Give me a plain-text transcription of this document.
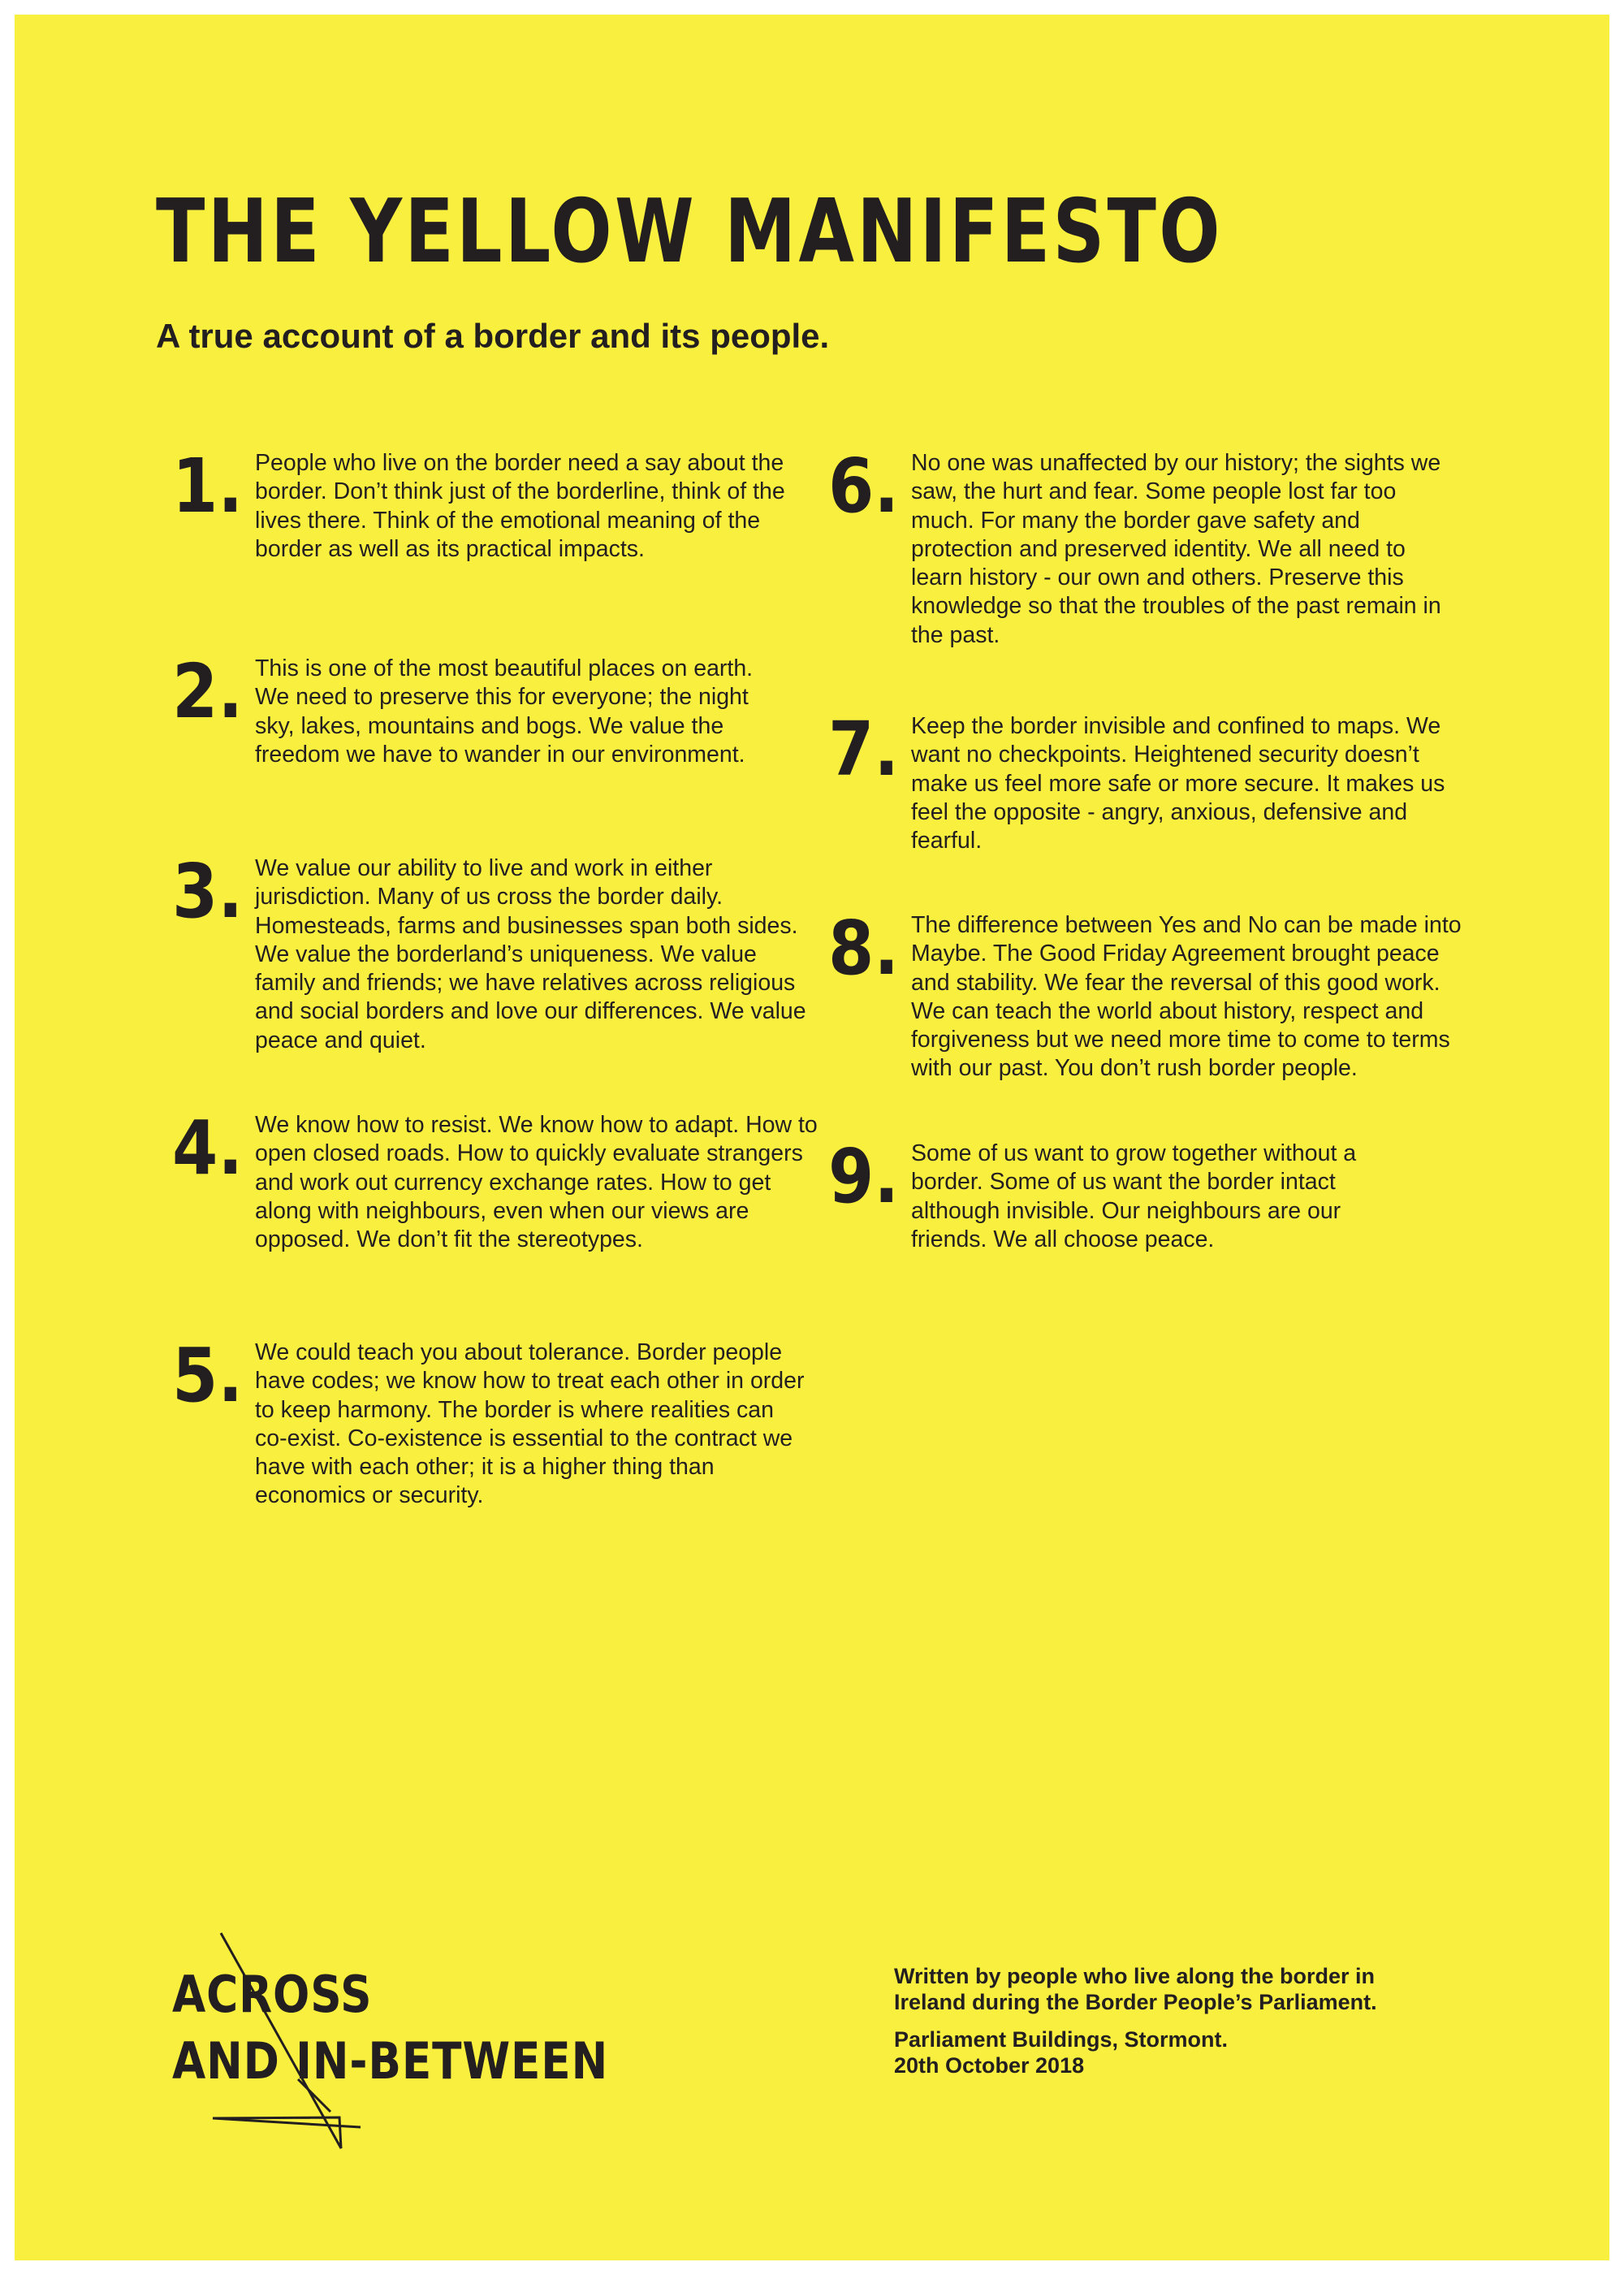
THE YELLOW MANIFESTO
A true account of a border and its people.
1. People who live on the border need a say about the border. Don’t think just of the borderline, think of the lives there. Think of the emotional meaning of the border as well as its practical impacts.

2. This is one of the most beautiful places on earth. We need to preserve this for everyone; the night sky, lakes, mountains and bogs. We value the freedom we have to wander in our environment.

3. We value our ability to live and work in either jurisdiction. Many of us cross the border daily. Homesteads, farms and businesses span both sides. We value the borderland’s uniqueness. We value family and friends; we have relatives across religious and social borders and love our differences. We value peace and quiet.

4. We know how to resist. We know how to adapt. How to open closed roads. How to quickly evaluate strangers and work out currency exchange rates. How to get along with neighbours, even when our views are opposed. We don’t fit the stereotypes.

5. We could teach you about tolerance. Border people have codes; we know how to treat each other in order to keep harmony. The border is where realities can co-exist. Co-existence is essential to the contract we have with each other; it is a higher thing than economics or security.

6. No one was unaffected by our history; the sights we saw, the hurt and fear. Some people lost far too much. For many the border gave safety and protection and preserved identity. We all need to learn history - our own and others. Preserve this knowledge so that the troubles of the past remain in the past.

7. Keep the border invisible and confined to maps. We want no checkpoints. Heightened security doesn’t make us feel more safe or more secure. It makes us feel the opposite - angry, anxious, defensive and fearful.

8. The difference between Yes and No can be made into Maybe. The Good Friday Agreement brought peace and stability. We fear the reversal of this good work. We can teach the world about history, respect and forgiveness but we need more time to come to terms with our past. You don’t rush border people.

9. Some of us want to grow together without a border. Some of us want the border intact although invisible. Our neighbours are our friends. We all choose peace.

ACROSS
AND IN-BETWEEN

Written by people who live along the border in

Ireland during the Border People’s Parliament.

Parliament Buildings, Stormont.

20th October 2018
